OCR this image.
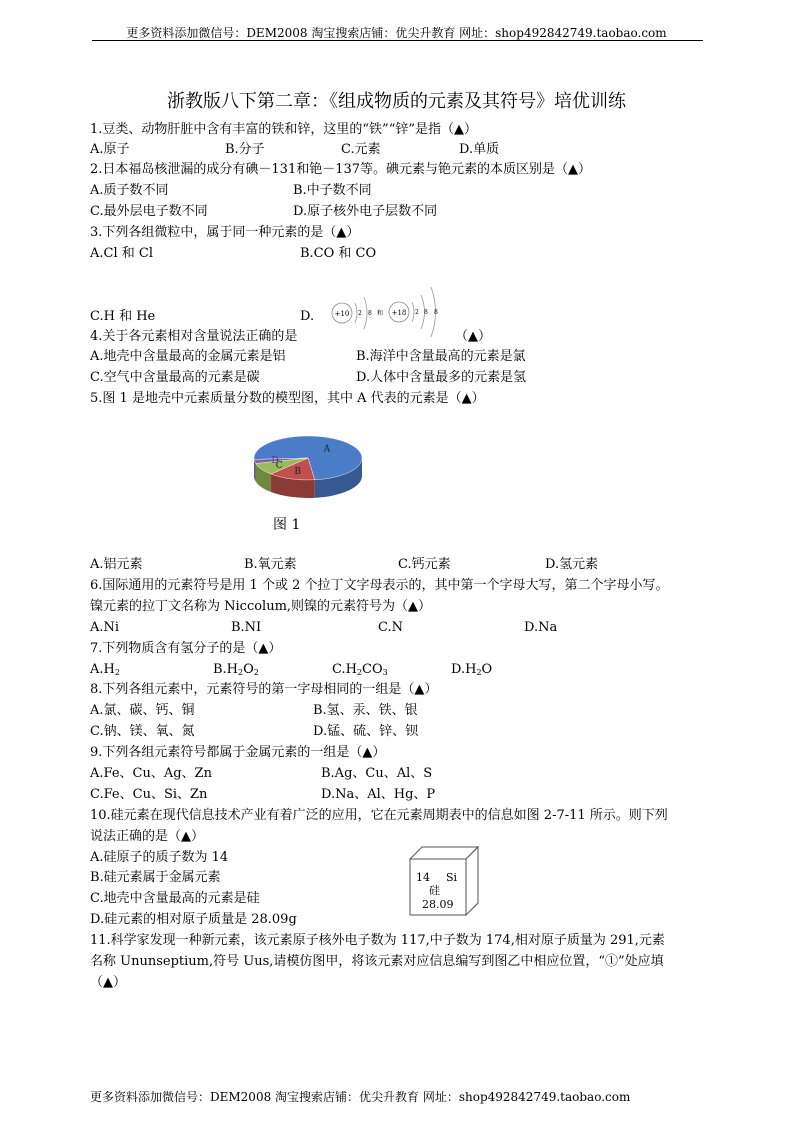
更多资料添加微信号：DEM2008 淘宝搜索店铺：优尖升教育 网址：shop492842749.taobao.com
浙教版八下第二章：《组成物质的元素及其符号》培优训练
1.豆类、动物肝脏中含有丰富的铁和锌，这里的“铁”“锌”是指（▲）
A.原子	B.分子	C.元素	D.单质
2.日本福岛核泄漏的成分有碘－131和铯－137等。碘元素与铯元素的本质区别是（▲）
A.质子数不同	B.中子数不同
C.最外层电子数不同	D.原子核外电子层数不同
3.下列各组微粒中，属于同一种元素的是（▲）
A.Cl 和 Cl	B.CO 和 CO
C.H 和 He	D.	+10 2 8 和 +18 2 8 8
4.关于各元素相对含量说法正确的是	（▲）
A.地壳中含量最高的金属元素是铝	B.海洋中含量最高的元素是氯
C.空气中含量最高的元素是碳	D.人体中含量最多的元素是氢
5.图 1 是地壳中元素质量分数的模型图，其中 A 代表的元素是（▲）
A
B
C
D
图 1
A.铝元素	B.氧元素	C.钙元素	D.氢元素
6.国际通用的元素符号是用 1 个或 2 个拉丁文字母表示的，其中第一个字母大写，第二个字母小写。
镍元素的拉丁文名称为 Niccolum,则镍的元素符号为（▲）
A.Ni	B.NI	C.N	D.Na
7.下列物质含有氢分子的是（▲）
$A.H_2$	$B.H_2O_2$	$C.H_2CO_3$	$D.H_2O$
8.下列各组元素中，元素符号的第一字母相同的一组是（▲）
A.氯、碳、钙、铜	B.氢、汞、铁、银
C.钠、镁、氧、氮	D.锰、硫、锌、钡
9.下列各组元素符号都属于金属元素的一组是（▲）
A.Fe、Cu、Ag、Zn	B.Ag、Cu、Al、S
C.Fe、Cu、Si、Zn	D.Na、Al、Hg、P
10.硅元素在现代信息技术产业有着广泛的应用，它在元素周期表中的信息如图 2-7-11 所示。则下列
说法正确的是（▲）
A.硅原子的质子数为 14
B.硅元素属于金属元素
C.地壳中含量最高的元素是硅
D.硅元素的相对原子质量是 28.09g
14 Si
硅
28.09
11.科学家发现一种新元素，该元素原子核外电子数为 117,中子数为 174,相对原子质量为 291,元素
名称 Ununseptium,符号 Uus,请模仿图甲，将该元素对应信息编写到图乙中相应位置，“①”处应填
（▲）
更多资料添加微信号：DEM2008 淘宝搜索店铺：优尖升教育 网址：shop492842749.taobao.com
